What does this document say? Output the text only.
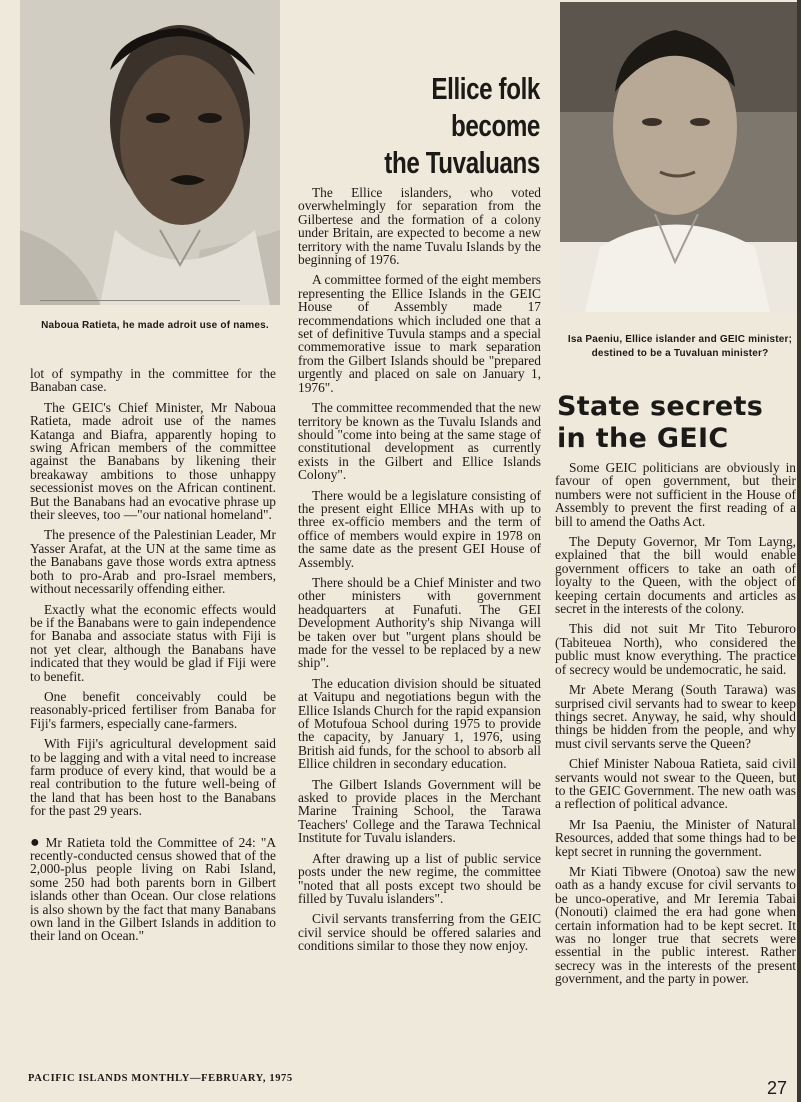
Naboua Ratieta, he made adroit use of names.
Isa Paeniu, Ellice islander and GEIC minister; destined to be a Tuvaluan minister?
Ellice folk
become
the Tuvaluans
State secrets
in the GEIC

lot of sympathy in the committee for the Banaban case.

The GEIC's Chief Minister, Mr Naboua Ratieta, made adroit use of the names Katanga and Biafra, apparently hoping to swing African members of the committee against the Banabans by likening their breakaway ambitions to those unhappy secessionist moves on the African continent. But the Banabans had an evocative phrase up their sleeves, too —"our national homeland".

The presence of the Palestinian Leader, Mr Yasser Arafat, at the UN at the same time as the Banabans gave those words extra aptness both to pro-Arab and pro-Israel members, without necessarily offending either.

Exactly what the economic effects would be if the Banabans were to gain independence for Banaba and associate status with Fiji is not yet clear, although the Banabans have indicated that they would be glad if Fiji were to benefit.

One benefit conceivably could be reasonably-priced fertiliser from Banaba for Fiji's farmers, especially cane-farmers.

With Fiji's agricultural development said to be lagging and with a vital need to increase farm produce of every kind, that would be a real contribution to the future well-being of the land that has been host to the Banabans for the past 29 years.

● Mr Ratieta told the Committee of 24: "A recently-conducted census showed that of the 2,000-plus people living on Rabi Island, some 250 had both parents born in Gilbert islands other than Ocean. Our close relations is also shown by the fact that many Banabans own land in the Gilbert Islands in addition to their land on Ocean."

The Ellice islanders, who voted overwhelmingly for separation from the Gilbertese and the formation of a colony under Britain, are expected to become a new territory with the name Tuvalu Islands by the beginning of 1976.

A committee formed of the eight members representing the Ellice Islands in the GEIC House of Assembly made 17 recommendations which included one that a set of definitive Tuvula stamps and a special commemorative issue to mark separation from the Gilbert Islands should be "prepared urgently and placed on sale on January 1, 1976".

The committee recommended that the new territory be known as the Tuvalu Islands and should "come into being at the same stage of constitutional development as currently exists in the Gilbert and Ellice Islands Colony".

There would be a legislature consisting of the present eight Ellice MHAs with up to three ex-officio members and the term of office of members would expire in 1978 on the same date as the present GEI House of Assembly.

There should be a Chief Minister and two other ministers with government headquarters at Funafuti. The GEI Development Authority's ship Nivanga will be taken over but "urgent plans should be made for the vessel to be replaced by a new ship".

The education division should be situated at Vaitupu and negotiations begun with the Ellice Islands Church for the rapid expansion of Motufoua School during 1975 to provide the capacity, by January 1, 1976, using British aid funds, for the school to absorb all Ellice children in secondary education.

The Gilbert Islands Government will be asked to provide places in the Merchant Marine Training School, the Tarawa Teachers' College and the Tarawa Technical Institute for Tuvalu islanders.

After drawing up a list of public service posts under the new regime, the committee "noted that all posts except two should be filled by Tuvalu islanders".

Civil servants transferring from the GEIC civil service should be offered salaries and conditions similar to those they now enjoy.

Some GEIC politicians are obviously in favour of open government, but their numbers were not sufficient in the House of Assembly to prevent the first reading of a bill to amend the Oaths Act.

The Deputy Governor, Mr Tom Layng, explained that the bill would enable government officers to take an oath of loyalty to the Queen, with the object of keeping certain documents and articles as secret in the interests of the colony.

This did not suit Mr Tito Teburoro (Tabiteuea North), who considered the public must know everything. The practice of secrecy would be undemocratic, he said.

Mr Abete Merang (South Tarawa) was surprised civil servants had to swear to keep things secret. Anyway, he said, why should things be hidden from the people, and why must civil servants serve the Queen?

Chief Minister Naboua Ratieta, said civil servants would not swear to the Queen, but to the GEIC Government. The new oath was a reflection of political advance.

Mr Isa Paeniu, the Minister of Natural Resources, added that some things had to be kept secret in running the government.

Mr Kiati Tibwere (Onotoa) saw the new oath as a handy excuse for civil servants to be unco-operative, and Mr Ieremia Tabai (Nonouti) claimed the era had gone when certain information had to be kept secret. It was no longer true that secrets were essential in the public interest. Rather secrecy was in the interests of the present government, and the party in power.

PACIFIC ISLANDS MONTHLY—FEBRUARY, 1975	27
